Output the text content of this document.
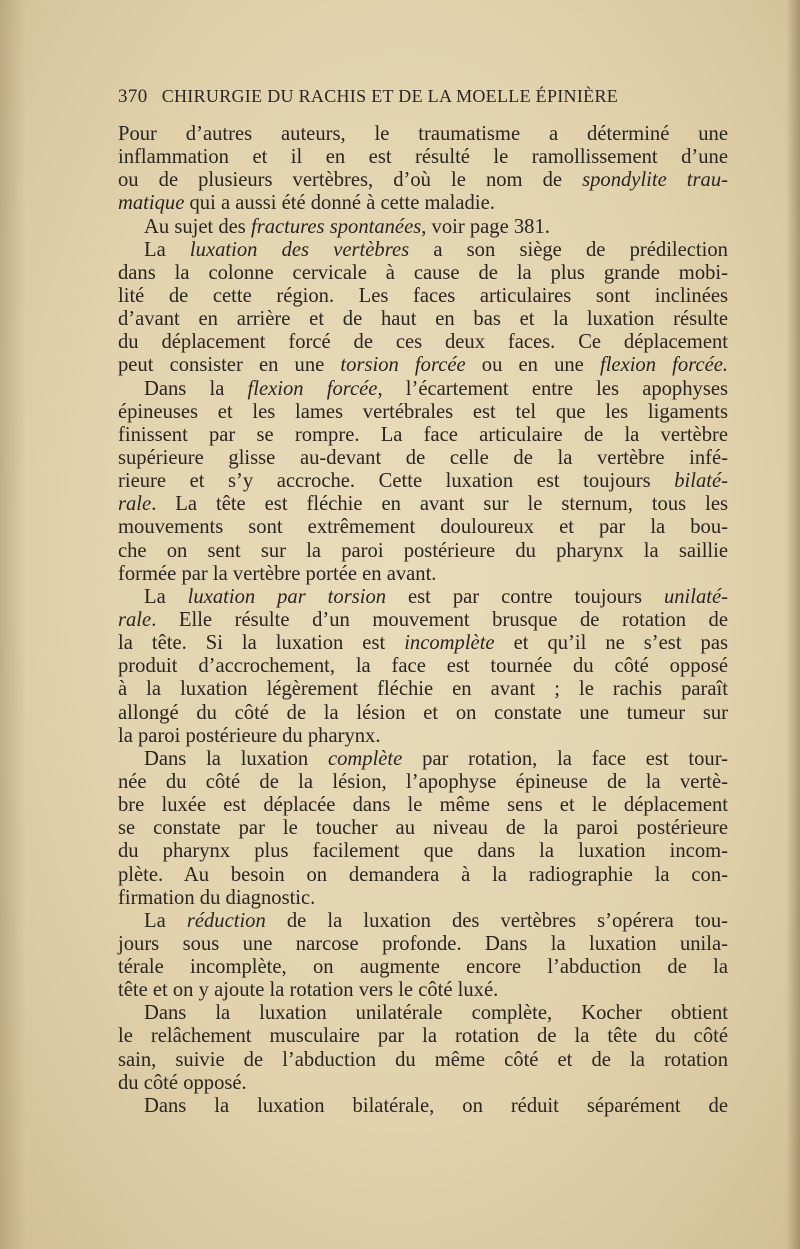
370 CHIRURGIE DU RACHIS ET DE LA MOELLE ÉPINIÈRE
Pour d’autres auteurs, le traumatisme a déterminé une
inflammation et il en est résulté le ramollissement d’une
ou de plusieurs vertèbres, d’où le nom de spondylite trau-
matique qui a aussi été donné à cette maladie.
Au sujet des fractures spontanées, voir page 381.
La luxation des vertèbres a son siège de prédilection
dans la colonne cervicale à cause de la plus grande mobi-
lité de cette région. Les faces articulaires sont inclinées
d’avant en arrière et de haut en bas et la luxation résulte
du déplacement forcé de ces deux faces. Ce déplacement
peut consister en une torsion forcée ou en une flexion forcée.
Dans la flexion forcée, l’écartement entre les apophyses
épineuses et les lames vertébrales est tel que les ligaments
finissent par se rompre. La face articulaire de la vertèbre
supérieure glisse au-devant de celle de la vertèbre infé-
rieure et s’y accroche. Cette luxation est toujours bilaté-
rale. La tête est fléchie en avant sur le sternum, tous les
mouvements sont extrêmement douloureux et par la bou-
che on sent sur la paroi postérieure du pharynx la saillie
formée par la vertèbre portée en avant.
La luxation par torsion est par contre toujours unilaté-
rale. Elle résulte d’un mouvement brusque de rotation de
la tête. Si la luxation est incomplète et qu’il ne s’est pas
produit d’accrochement, la face est tournée du côté opposé
à la luxation légèrement fléchie en avant ; le rachis paraît
allongé du côté de la lésion et on constate une tumeur sur
la paroi postérieure du pharynx.
Dans la luxation complète par rotation, la face est tour-
née du côté de la lésion, l’apophyse épineuse de la vertè-
bre luxée est déplacée dans le même sens et le déplacement
se constate par le toucher au niveau de la paroi postérieure
du pharynx plus facilement que dans la luxation incom-
plète. Au besoin on demandera à la radiographie la con-
firmation du diagnostic.
La réduction de la luxation des vertèbres s’opérera tou-
jours sous une narcose profonde. Dans la luxation unila-
térale incomplète, on augmente encore l’abduction de la
tête et on y ajoute la rotation vers le côté luxé.
Dans la luxation unilatérale complète, Kocher obtient
le relâchement musculaire par la rotation de la tête du côté
sain, suivie de l’abduction du même côté et de la rotation
du côté opposé.
Dans la luxation bilatérale, on réduit séparément de
